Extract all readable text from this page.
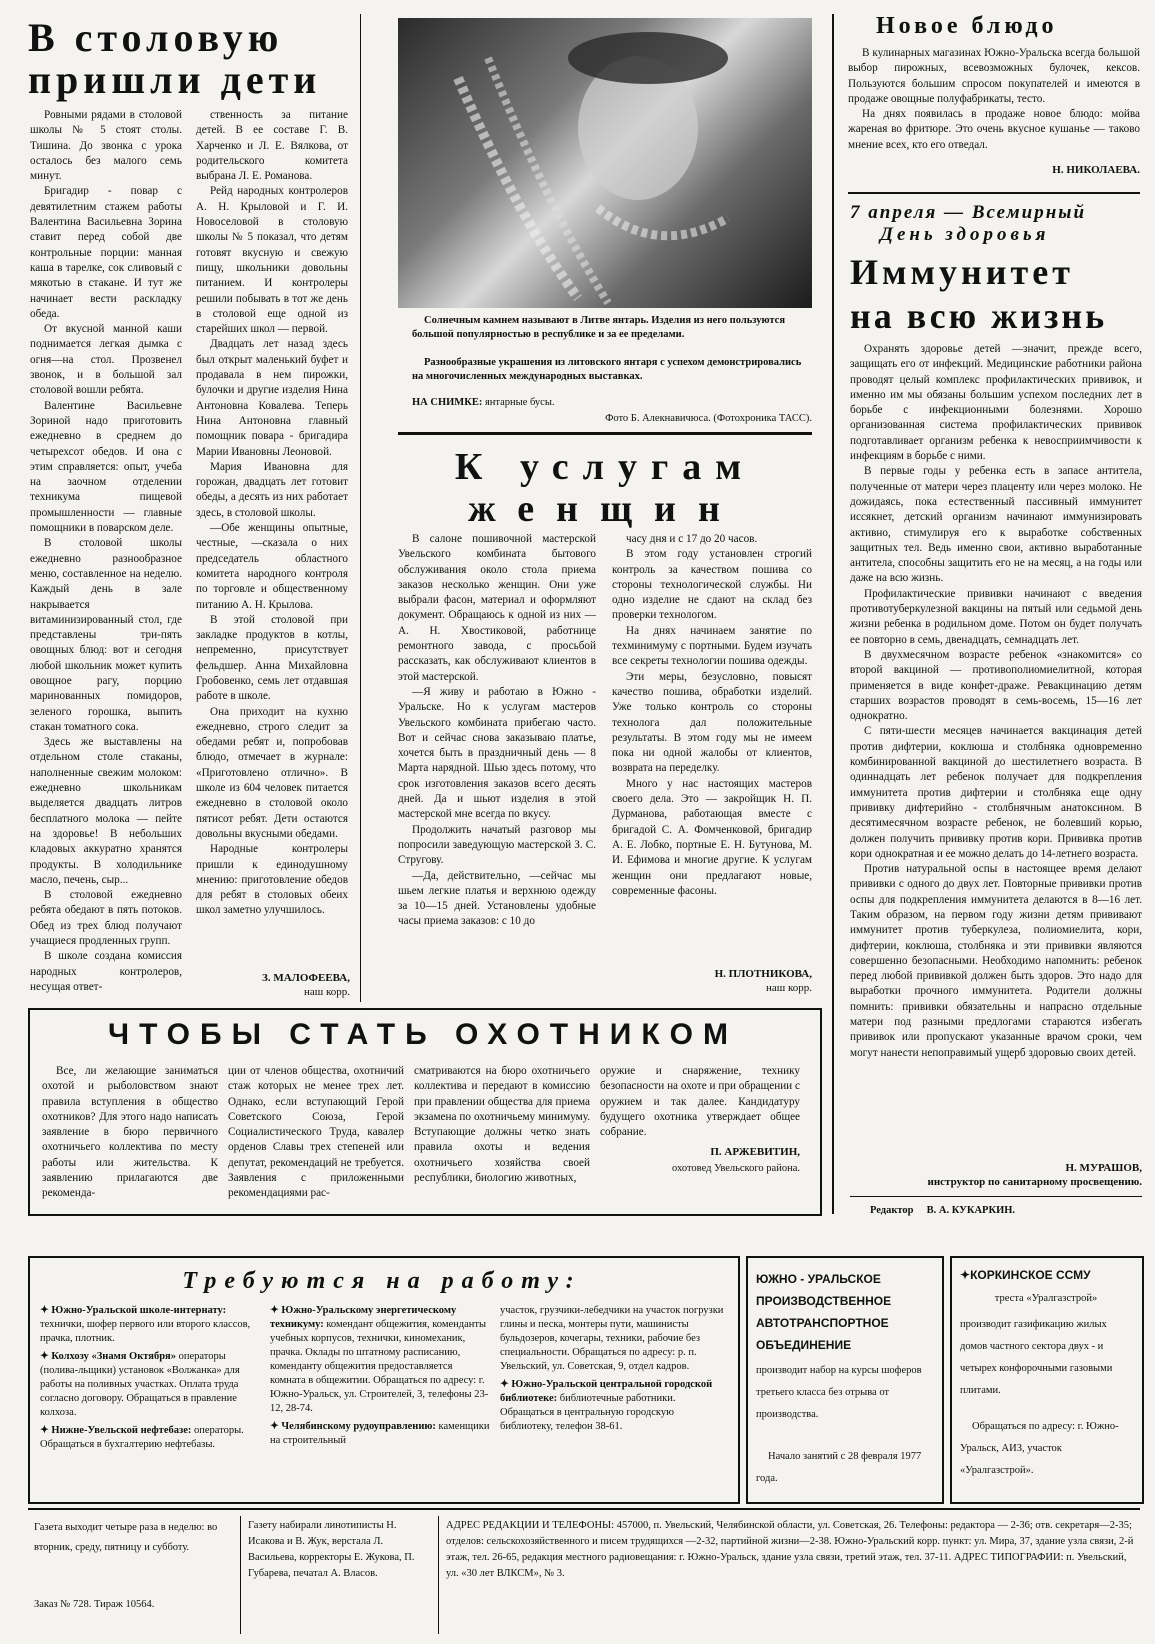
В столовую
пришли дети

Ровными рядами в столовой школы № 5 стоят столы. Тишина. До звонка с урока осталось без малого семь минут.

Бригадир - повар с девятилетним стажем работы Валентина Васильевна Зорина ставит перед собой две контрольные порции: манная каша в тарелке, сок сливовый с мякотью в стакане. И тут же начинает вести раскладку обеда.

От вкусной манной каши поднимается легкая дымка с огня—на стол. Прозвенел звонок, и в большой зал столовой вошли ребята.

Валентине Васильевне Зориной надо приготовить ежедневно в среднем до четырехсот обедов. И она с этим справляется: опыт, учеба на заочном отделении техникума пищевой промышленности — главные помощники в поварском деле.

В столовой школы ежедневно разнообразное меню, составленное на неделю. Каждый день в зале накрывается витаминизированный стол, где представлены три-пять овощных блюд: вот и сегодня любой школьник может купить овощное рагу, порцию маринованных помидоров, зеленого горошка, выпить стакан томатного сока.

Здесь же выставлены на отдельном столе стаканы, наполненные свежим молоком: ежедневно школьникам выделяется двадцать литров бесплатного молока — пейте на здоровье! В небольших кладовых аккуратно хранятся продукты. В холодильнике масло, печень, сыр...

В столовой ежедневно ребята обедают в пять потоков. Обед из трех блюд получают учащиеся продленных групп.

В школе создана комиссия народных контролеров, несущая ответ-

ственность за питание детей. В ее составе Г. В. Харченко и Л. Е. Вялкова, от родительского комитета выбрана Л. Е. Романова.

Рейд народных контролеров А. Н. Крыловой и Г. И. Новоселовой в столовую школы № 5 показал, что детям готовят вкусную и свежую пищу, школьники довольны питанием. И контролеры решили побывать в тот же день в столовой еще одной из старейших школ — первой.

Двадцать лет назад здесь был открыт маленький буфет и продавала в нем пирожки, булочки и другие изделия Нина Антоновна Ковалева. Теперь Нина Антоновна главный помощник повара - бригадира Марии Ивановны Леоновой.

Мария Ивановна для горожан, двадцать лет готовит обеды, а десять из них работает здесь, в столовой школы.

—Обе женщины опытные, честные, —сказала о них председатель областного комитета народного контроля по торговле и общественному питанию А. Н. Крылова.

В этой столовой при закладке продуктов в котлы, непременно, присутствует фельдшер. Анна Михайловна Гробовенко, семь лет отдавшая работе в школе.

Она приходит на кухню ежедневно, строго следит за обедами ребят и, попробовав блюдо, отмечает в журнале: «Приготовлено отлично». В школе из 604 человек питается ежедневно в столовой около пятисот ребят. Дети остаются довольны вкусными обедами.

Народные контролеры пришли к единодушному мнению: приготовление обедов для ребят в столовых обеих школ заметно улучшилось.

З. МАЛОФЕЕВА,
наш корр.
Солнечным камнем называют в Литве янтарь. Изделия из него пользуются большой популярностью в республике и за ее пределами.
Разнообразные украшения из литовского янтаря с успехом демонстрировались на многочисленных международных выставках.
НА СНИМКЕ: янтарные бусы.
Фото Б. Алекнавичюса. (Фотохроника ТАСС).
К услугам
женщин

В салоне пошивочной мастерской Увельского комбината бытового обслуживания около стола приема заказов несколько женщин. Они уже выбрали фасон, материал и оформляют документ. Обращаюсь к одной из них — А. Н. Хвостиковой, работнице ремонтного завода, с просьбой рассказать, как обслуживают клиентов в этой мастерской.

—Я живу и работаю в Южно - Уральске. Но к услугам мастеров Увельского комбината прибегаю часто. Вот и сейчас снова заказываю платье, хочется быть в праздничный день — 8 Марта нарядной. Шью здесь потому, что срок изготовления заказов всего десять дней. Да и шьют изделия в этой мастерской мне всегда по вкусу.

Продолжить начатый разговор мы попросили заведующую мастерской З. С. Стругову.

—Да, действительно, —сейчас мы шьем легкие платья и верхнюю одежду за 10—15 дней. Установлены удобные часы приема заказов: с 10 до

часу дня и с 17 до 20 часов.

В этом году установлен строгий контроль за качеством пошива со стороны технологической службы. Ни одно изделие не сдают на склад без проверки технологом.

На днях начинаем занятие по техминимуму с портными. Будем изучать все секреты технологии пошива одежды.

Эти меры, безусловно, повысят качество пошива, обработки изделий. Уже только контроль со стороны технолога дал положительные результаты. В этом году мы не имеем пока ни одной жалобы от клиентов, возврата на переделку.

Много у нас настоящих мастеров своего дела. Это — закройщик Н. П. Дурманова, работающая вместе с бригадой С. А. Фомченковой, бригадир А. Е. Лобко, портные Е. Н. Бутунова, М. И. Ефимова и многие другие. К услугам женщин они предлагают новые, современные фасоны.

Н. ПЛОТНИКОВА,
наш корр.
Новое блюдо

В кулинарных магазинах Южно-Уральска всегда большой выбор пирожных, всевозможных булочек, кексов. Пользуются большим спросом покупателей и имеются в продаже овощные полуфабрикаты, тесто.

На днях появилась в продаже новое блюдо: мойва жареная во фритюре. Это очень вкусное кушанье — таково мнение всех, кто его отведал.

Н. НИКОЛАЕВА.
7 апреля — Всемирный
День здоровья
Иммунитет
на всю жизнь

Охранять здоровье детей —значит, прежде всего, защищать его от инфекций. Медицинские работники района проводят целый комплекс профилактических прививок, и именно им мы обязаны большим успехом последних лет в борьбе с инфекционными болезнями. Хорошо организованная система профилактических прививок подготавливает организм ребенка к невосприимчивости к инфекциям в борьбе с ними.

В первые годы у ребенка есть в запасе антитела, полученные от матери через плаценту или через молоко. Не дожидаясь, пока естественный пассивный иммунитет иссякнет, детский организм начинают иммунизировать активно, стимулируя его к выработке собственных защитных тел. Ведь именно свои, активно выработанные антитела, способны защитить его не на месяц, а на годы или даже на всю жизнь.

Профилактические прививки начинают с введения противотуберкулезной вакцины на пятый или седьмой день жизни ребенка в родильном доме. Потом он будет получать ее повторно в семь, двенадцать, семнадцать лет.

В двухмесячном возрасте ребенок «знакомится» со второй вакциной — противополиомиелитной, которая применяется в виде конфет-драже. Ревакцинацию детям старших возрастов проводят в семь-восемь, 15—16 лет однократно.

С пяти-шести месяцев начинается вакцинация детей против дифтерии, коклюша и столбняка одновременно комбинированной вакциной до шестилетнего возраста. В одиннадцать лет ребенок получает для подкрепления иммунитета против дифтерии и столбняка еще одну прививку дифтерийно - столбнячным анатоксином. В десятимесячном возрасте ребенок, не болевший корью, должен получить прививку против кори. Прививка против кори однократная и ее можно делать до 14-летнего возраста.

Против натуральной оспы в настоящее время делают прививки с одного до двух лет. Повторные прививки против оспы для подкрепления иммунитета делаются в 8—16 лет. Таким образом, на первом году жизни детям прививают иммунитет против туберкулеза, полиомиелита, кори, дифтерии, коклюша, столбняка и эти прививки являются совершенно безопасными. Необходимо напомнить: ребенок перед любой прививкой должен быть здоров. Это надо для выработки прочного иммунитета. Родители должны помнить: прививки обязательны и напрасно отдельные матери под разными предлогами стараются избегать прививок или пропускают указанные врачом сроки, чем могут нанести непоправимый ущерб здоровью своих детей.

Н. МУРАШОВ,
инструктор по санитарному просвещению.
Редактор В. А. КУКАРКИН.
ЧТОБЫ СТАТЬ ОХОТНИКОМ
Все, ли желающие заниматься охотой и рыболовством знают правила вступления в общество охотников? Для этого надо написать заявление в бюро первичного охотничьего коллектива по месту работы или жительства. К заявлению прилагаются две рекоменда-
ции от членов общества, охотничий стаж которых не менее трех лет. Однако, если вступающий Герой Советского Союза, Герой Социалистического Труда, кавалер орденов Славы трех степеней или депутат, рекомендаций не требуется. Заявления с приложенными рекомендациями рас-
сматриваются на бюро охотничьего коллектива и передают в комиссию при правлении общества для приема экзамена по охотничьему минимуму. Вступающие должны четко знать правила охоты и ведения охотничьего хозяйства своей республики, биологию животных,
оружие и снаряжение, технику безопасности на охоте и при обращении с оружием и так далее. Кандидатуру будущего охотника утверждает общее собрание.
П. АРЖЕВИТИН,
охотовед Увельского района.
Требуются на работу:
✦ Южно-Уральской школе-интернату: технички, шофер первого или второго классов, прачка, плотник.
✦ Колхозу «Знамя Октября» операторы (полива-льщики) установок «Волжанка» для работы на поливных участках. Оплата труда согласно договору. Обращаться в правление колхоза.
✦ Нижне-Увельской нефтебазе: операторы. Обращаться в бухгалтерию нефтебазы.
✦ Южно-Уральскому энергетическому техникуму: комендант общежития, коменданты учебных корпусов, технички, киномеханик, прачка. Оклады по штатному расписанию, коменданту общежития предоставляется комната в общежитии. Обращаться по адресу: г. Южно-Уральск, ул. Строителей, 3, телефоны 23-12, 28-74.
✦ Челябинскому рудоуправлению: каменщики на строительный
участок, грузчики-лебедчики на участок погрузки глины и песка, монтеры пути, машинисты бульдозеров, кочегары, техники, рабочие без специальности. Обращаться по адресу: р. п. Увельский, ул. Советская, 9, отдел кадров.
✦ Южно-Уральской центральной городской библиотеке: библиотечные работники. Обращаться в центральную городскую библиотеку, телефон 38-61.
ЮЖНО - УРАЛЬСКОЕ
ПРОИЗВОДСТВЕННОЕ
АВТОТРАНСПОРТНОЕ
ОБЪЕДИНЕНИЕ
производит набор на курсы шоферов третьего класса без отрыва от производства.
Начало занятий с 28 февраля 1977 года.
✦КОРКИНСКОЕ ССМУ
треста «Уралгазстрой»
производит газификацию жилых домов частного сектора двух - и четырех конфорочными газовыми плитами.
Обращаться по адресу: г. Южно-Уральск, АИЗ, участок «Уралгазстрой».
Газета выходит четыре раза в неделю: во вторник, среду, пятницу и субботу.
Заказ № 728. Тираж 10564.
Газету набирали линотиписты Н. Исакова и В. Жук, верстала Л. Васильева, корректоры Е. Жукова, П. Губарева, печатал А. Власов.
АДРЕС РЕДАКЦИИ И ТЕЛЕФОНЫ: 457000, п. Увельский, Челябинской области, ул. Советская, 26. Телефоны: редактора — 2-36; отв. секретаря—2-35; отделов: сельскохозяйственного и писем трудящихся —2-32, партийной жизни—2-38. Южно-Уральский корр. пункт: ул. Мира, 37, здание узла связи, 2-й этаж, тел. 26-65, редакция местного радиовещания: г. Южно-Уральск, здание узла связи, третий этаж, тел. 37-11. АДРЕС ТИПОГРАФИИ: п. Увельский, ул. «30 лет ВЛКСМ», № 3.
